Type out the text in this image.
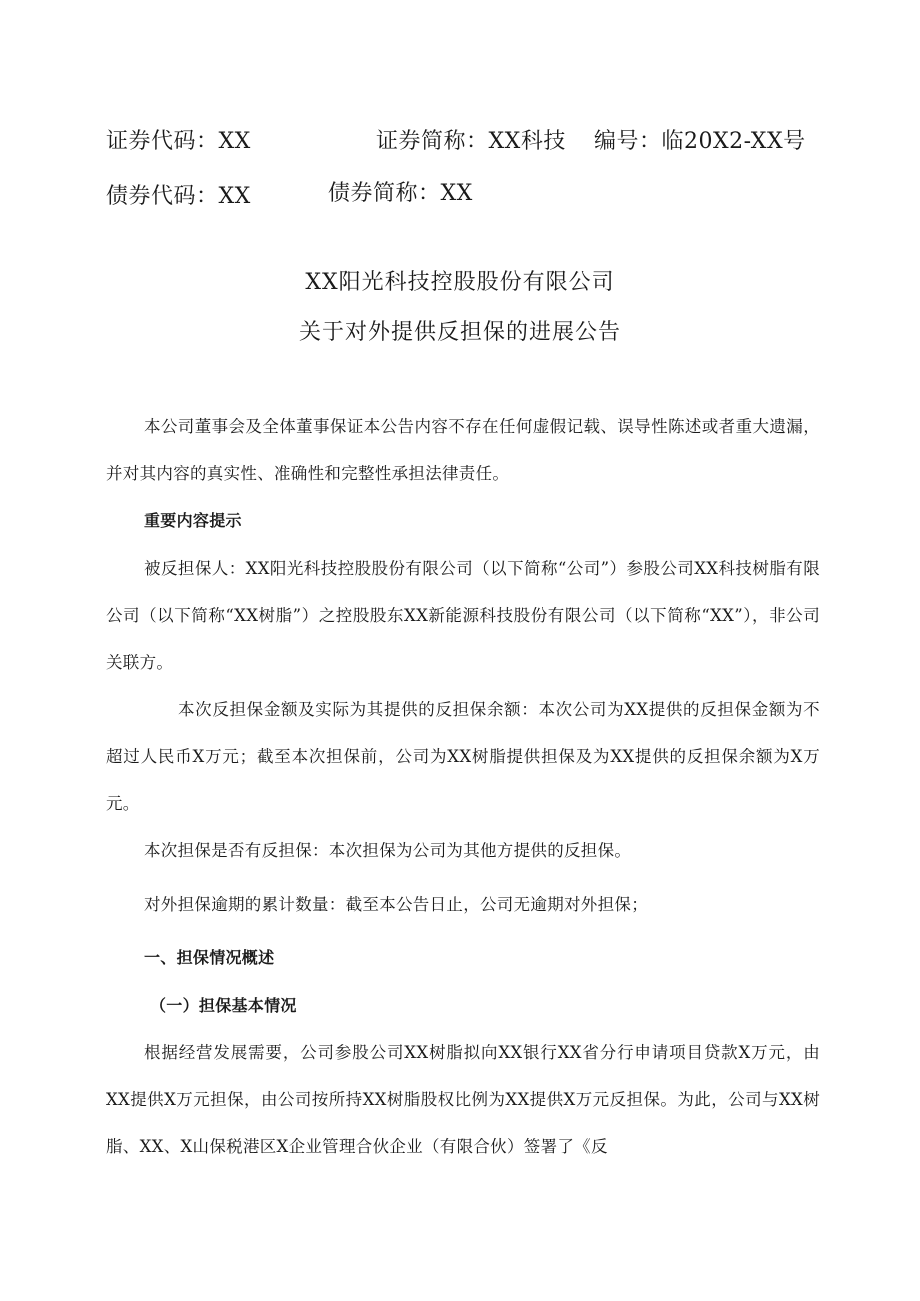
证券代码：XX	证券简称：XX科技 编号：临20X2-XX号
债券代码：XX	债券简称：XX
XX阳光科技控股股份有限公司
关于对外提供反担保的进展公告
本公司董事会及全体董事保证本公告内容不存在任何虚假记载、误导性陈述或者重大遗漏，并对其内容的真实性、准确性和完整性承担法律责任。
重要内容提示
被反担保人：XX阳光科技控股股份有限公司（以下简称“公司”）参股公司XX科技树脂有限公司（以下简称“XX树脂”）之控股股东XX新能源科技股份有限公司（以下简称“XX”），非公司关联方。
本次反担保金额及实际为其提供的反担保余额：本次公司为XX提供的反担保金额为不超过人民币X万元；截至本次担保前，公司为XX树脂提供担保及为XX提供的反担保余额为X万元。
本次担保是否有反担保：本次担保为公司为其他方提供的反担保。
对外担保逾期的累计数量：截至本公告日止，公司无逾期对外担保；
一、担保情况概述
（一）担保基本情况
根据经营发展需要，公司参股公司XX树脂拟向XX银行XX省分行申请项目贷款X万元，由XX提供X万元担保，由公司按所持XX树脂股权比例为XX提供X万元反担保。为此，公司与XX树脂、XX、X山保税港区X企业管理合伙企业（有限合伙）签署了《反
